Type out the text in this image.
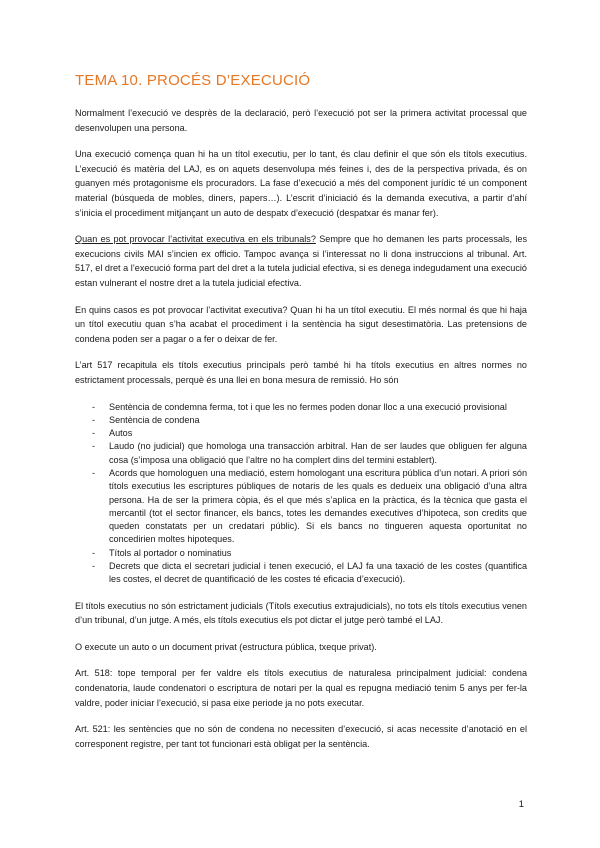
TEMA 10. PROCÉS D’EXECUCIÓ

Normalment l’execució ve desprès de la declaració, però l’execució pot ser la primera activitat processal que desenvolupen una persona.

Una execució comença quan hi ha un títol executiu, per lo tant, és clau definir el que són els títols executius. L’execució és matèria del LAJ, es on aquets desenvolupa més feines i, des de la perspectiva privada, és on guanyen més protagonisme els procuradors. La fase d’execució a més del component jurídic té un component material (búsqueda de mobles, diners, papers…). L’escrit d’iniciació és la demanda executiva, a partir d’ahí s’inicia el procediment mitjançant un auto de despatx d’execució (despatxar és manar fer).

Quan es pot provocar l’activitat executiva en els tribunals? Sempre que ho demanen les parts processals, les execucions civils MAI s’incien ex officio. Tampoc avança si l’interessat no li dona instruccions al tribunal. Art. 517, el dret a l’execució forma part del dret a la tutela judicial efectiva, si es denega indegudament una execució estan vulnerant el nostre dret a la tutela judicial efectiva.

En quins casos es pot provocar l’activitat executiva? Quan hi ha un títol executiu. El més normal és que hi haja un títol executiu quan s’ha acabat el procediment i la sentència ha sigut desestimatòria. Las pretensions de condena poden ser a pagar o a fer o deixar de fer.

L’art 517 recapitula els títols executius principals però també hi ha títols executius en altres normes no estrictament processals, perquè és una llei en bona mesura de remissió. Ho són

- Sentència de condemna ferma, tot i que les no fermes poden donar lloc a una execució provisional
- Sentència de condena
- Autos
- Laudo (no judicial) que homologa una transacción arbitral. Han de ser laudes que obliguen fer alguna cosa (s’imposa una obligació que l’altre no ha complert dins del termini establert).
- Acords que homologuen una mediació, estem homologant una escritura pública d’un notari. A priori són títols executius les escriptures públiques de notaris de les quals es dedueix una obligació d’una altra persona. Ha de ser la primera còpia, és el que més s’aplica en la pràctica, és la tècnica que gasta el mercantil (tot el sector financer, els bancs, totes les demandes executives d’hipoteca, son credits que queden constatats per un credatari públic). Si els bancs no tingueren aquesta oportunitat no concedirien moltes hipoteques.
- Títols al portador o nominatius
- Decrets que dicta el secretari judicial i tenen execució, el LAJ fa una taxació de les costes (quantifica les costes, el decret de quantificació de les costes té eficacia d’execució).

El títols executius no són estrictament judicials (Títols executius extrajudicials), no tots els títols executius venen d’un tribunal, d’un jutge. A més, els títols executius els pot dictar el jutge però també el LAJ.

O execute un auto o un document privat (estructura pública, txeque privat).

Art. 518: tope temporal per fer valdre els títols executius de naturalesa principalment judicial: condena condenatoria, laude condenatori o escriptura de notari per la qual es repugna mediació tenim 5 anys per fer-la valdre, poder iniciar l’execució, si pasa eixe periode ja no pots executar.

Art. 521: les sentències que no són de condena no necessiten d’execució, si acas necessite d’anotació en el corresponent registre, per tant tot funcionari està obligat per la sentència.

1
